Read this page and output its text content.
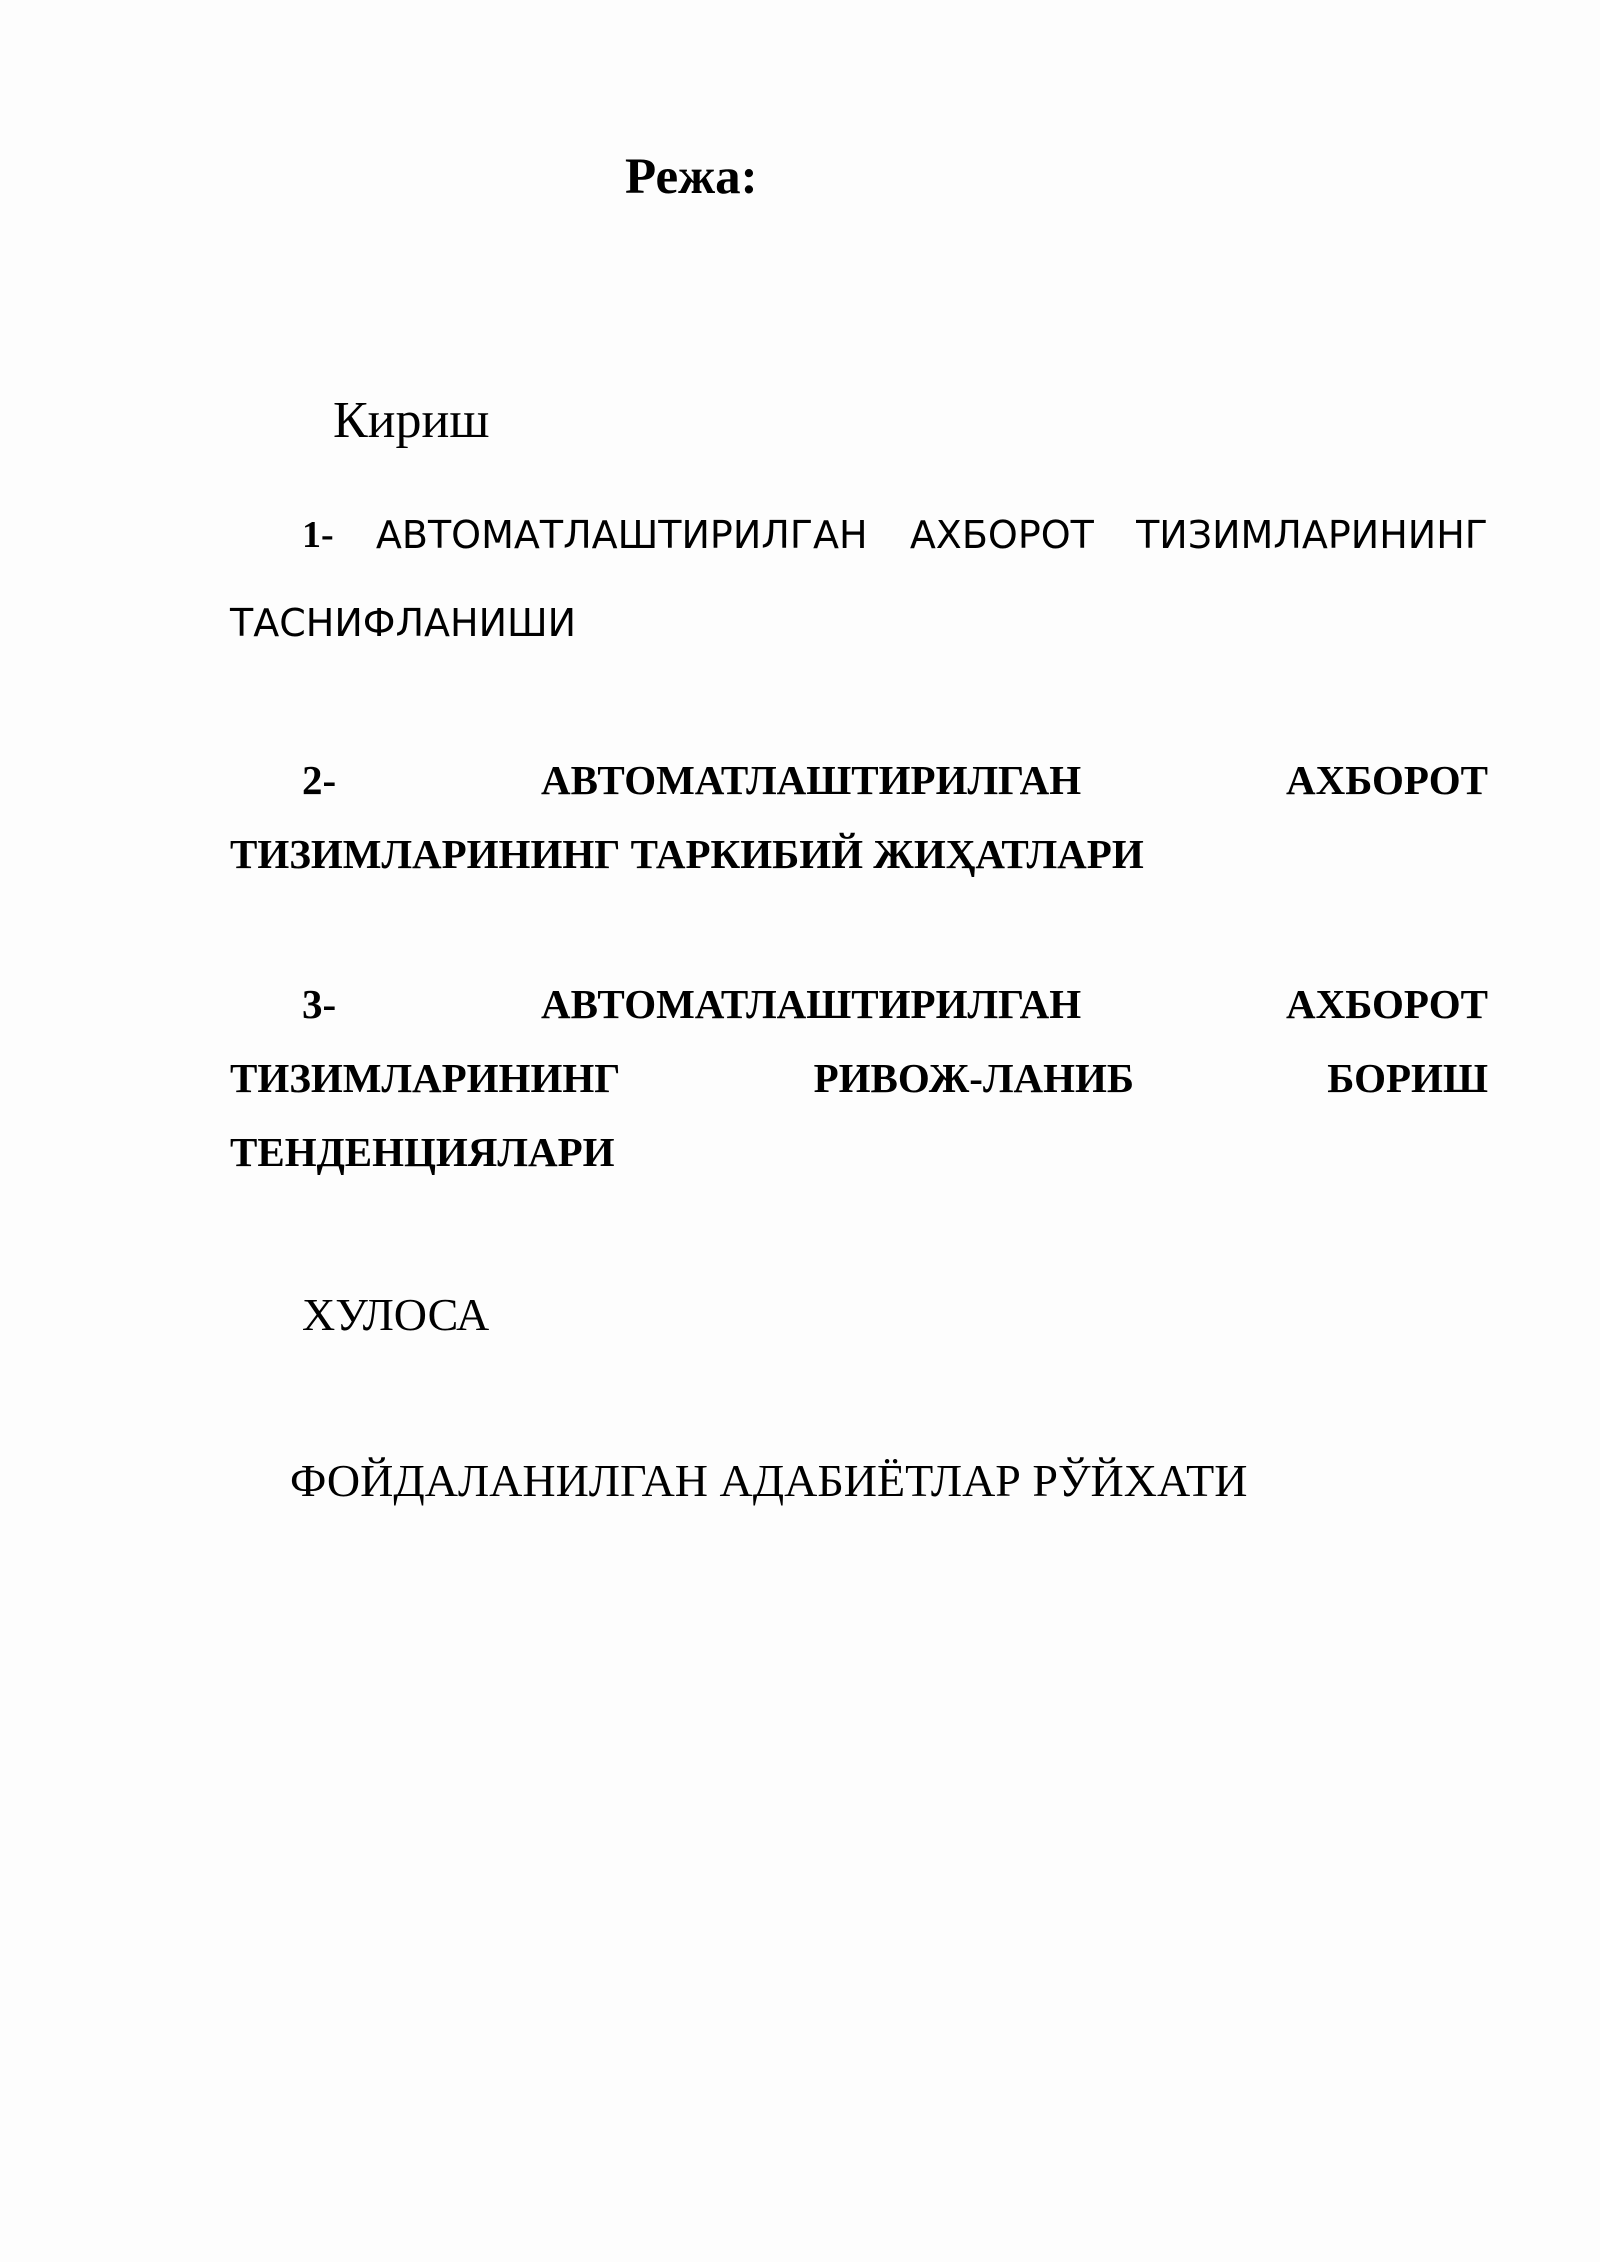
Режа:
Кириш
1- АВТОМАТЛАШТИРИЛГАН АХБОРОТ ТИЗИМЛАРИНИНГ
ТАСНИФЛАНИШИ
2-	АВТОМАТЛАШТИРИЛГАН	АХБОРОТ
ТИЗИМЛАРИНИНГ ТАРКИБИЙ ЖИҲАТЛАРИ
3-	АВТОМАТЛАШТИРИЛГАН	АХБОРОТ
ТИЗИМЛАРИНИНГ	РИВОЖ-ЛАНИБ	БОРИШ
ТЕНДЕНЦИЯЛАРИ
ХУЛОСА
ФОЙДАЛАНИЛГАН АДАБИЁТЛАР РЎЙХАТИ
